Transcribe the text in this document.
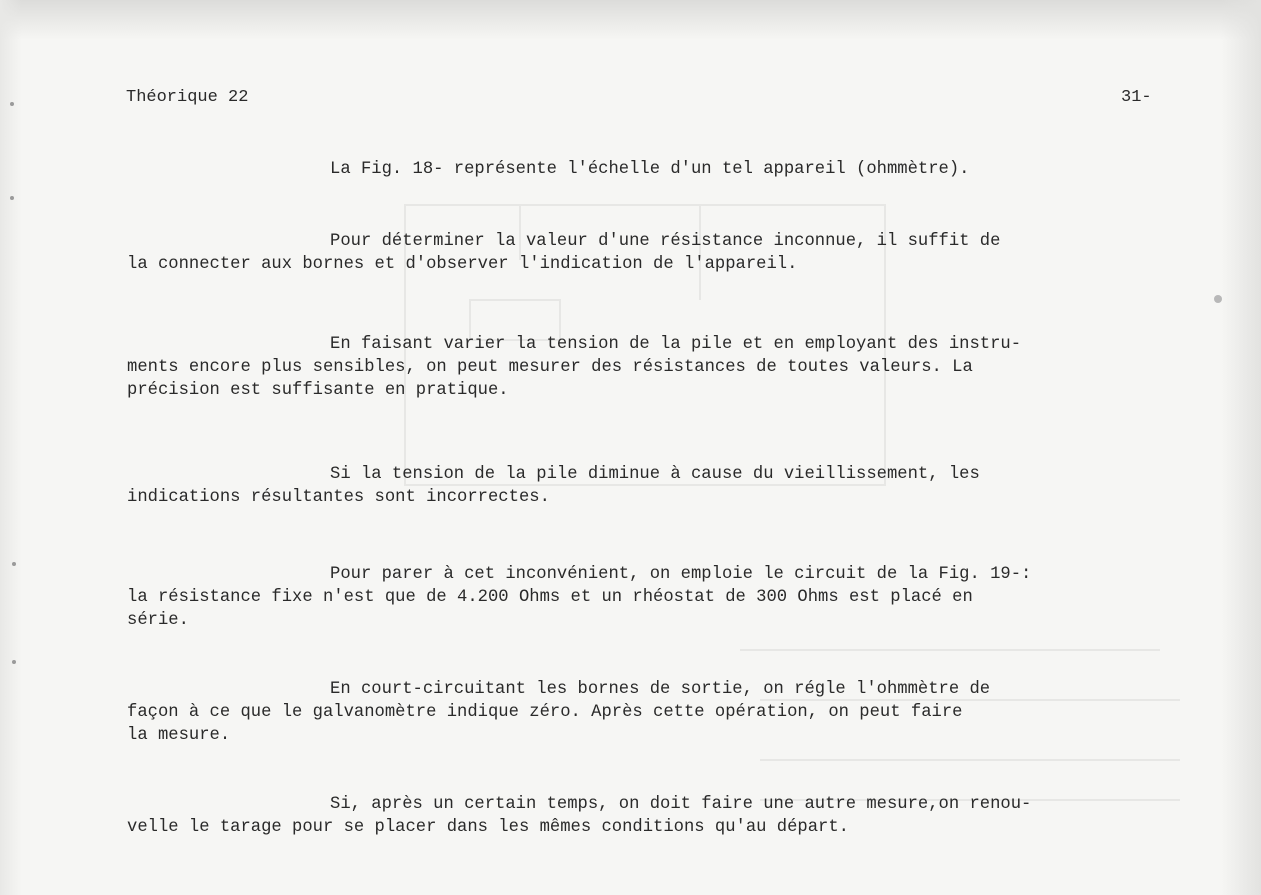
Théorique 22	31-
La Fig. 18- représente l'échelle d'un tel appareil (ohmmètre).
Pour déterminer la valeur d'une résistance inconnue, il suffit de
la connecter aux bornes et d'observer l'indication de l'appareil.
En faisant varier la tension de la pile et en employant des instru-
ments encore plus sensibles, on peut mesurer des résistances de toutes valeurs. La
précision est suffisante en pratique.
Si la tension de la pile diminue à cause du vieillissement, les
indications résultantes sont incorrectes.
Pour parer à cet inconvénient, on emploie le circuit de la Fig. 19-:
la résistance fixe n'est que de 4.200 Ohms et un rhéostat de 300 Ohms est placé en
série.
En court-circuitant les bornes de sortie, on régle l'ohmmètre de
façon à ce que le galvanomètre indique zéro. Après cette opération, on peut faire
la mesure.
Si, après un certain temps, on doit faire une autre mesure,on renou-
velle le tarage pour se placer dans les mêmes conditions qu'au départ.
